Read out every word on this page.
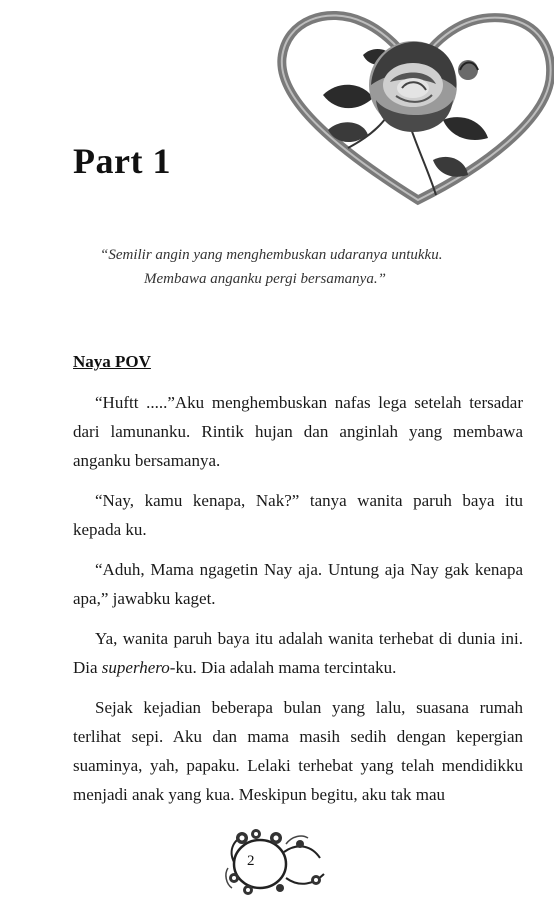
Part 1
“Semilir angin yang menghembuskan udaranya untukku.
Membawa anganku pergi bersamanya.”
Naya POV

“Huftt .....”Aku menghembuskan nafas lega setelah tersadar dari lamunanku. Rintik hujan dan anginlah yang membawa anganku bersamanya.

“Nay, kamu kenapa, Nak?” tanya wanita paruh baya itu kepada ku.

“Aduh, Mama ngagetin Nay aja. Untung aja Nay gak kenapa apa,” jawabku kaget.

Ya, wanita paruh baya itu adalah wanita terhebat di dunia ini. Dia superhero-ku. Dia adalah mama tercintaku.

Sejak kejadian beberapa bulan yang lalu, suasana rumah terlihat sepi. Aku dan mama masih sedih dengan kepergian suaminya, yah, papaku. Lelaki terhebat yang telah mendidikku menjadi anak yang kua. Meskipun begitu, aku tak mau

2
